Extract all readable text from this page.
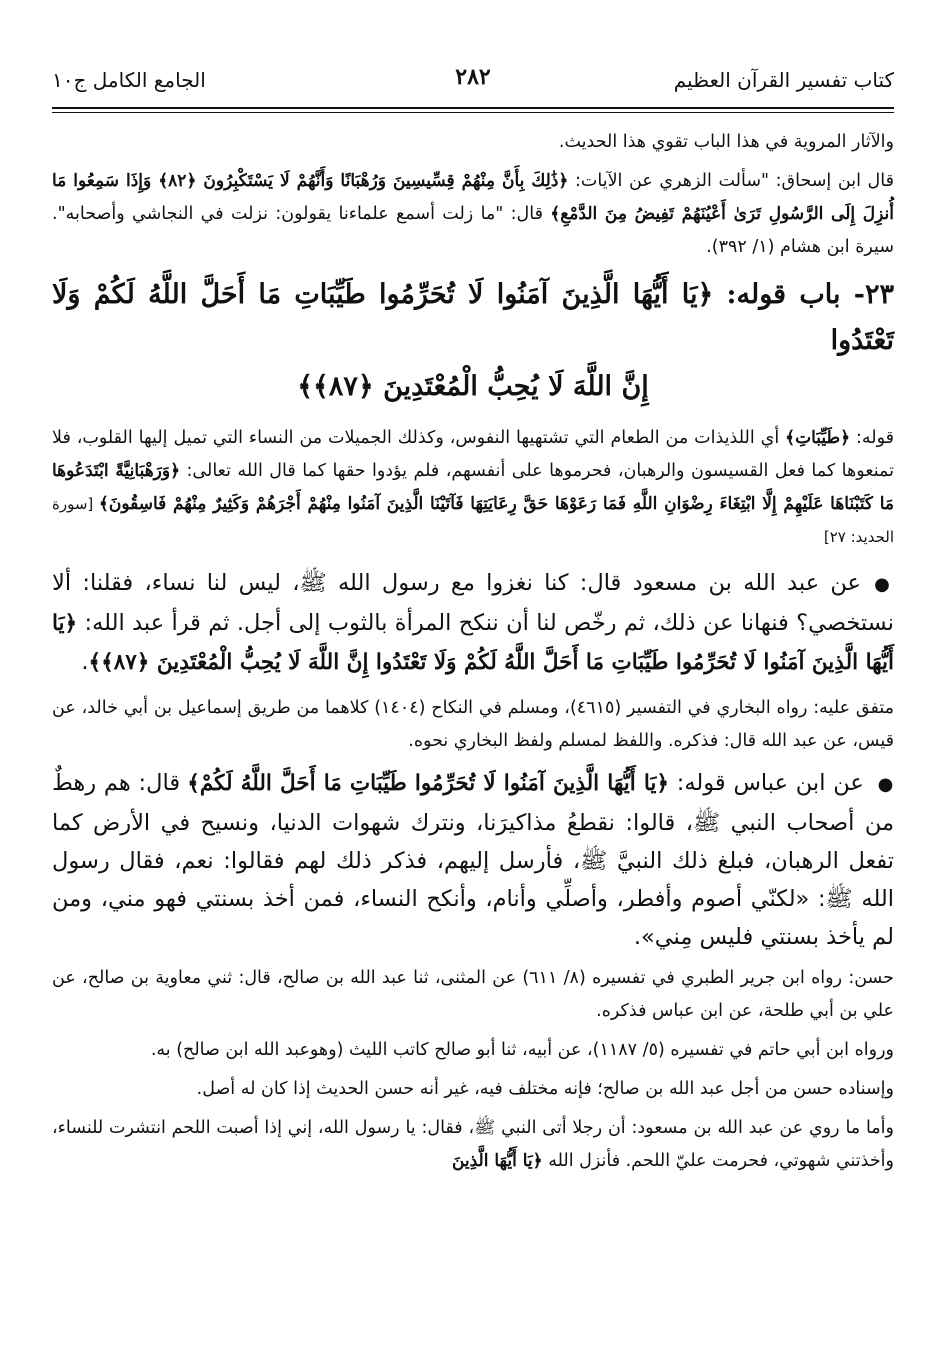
كتاب تفسير القرآن العظيم
٢٨٢
الجامع الكامل ج١٠

والآثار المروية في هذا الباب تقوي هذا الحديث.

قال ابن إسحاق: "سألت الزهري عن الآيات: ﴿ذَٰلِكَ بِأَنَّ مِنْهُمْ قِسِّيسِينَ وَرُهْبَانًا وَأَنَّهُمْ لَا يَسْتَكْبِرُونَ ﴿٨٢﴾ وَإِذَا سَمِعُوا مَا أُنزِلَ إِلَى الرَّسُولِ تَرَىٰ أَعْيُنَهُمْ تَفِيضُ مِنَ الدَّمْعِ﴾ قال: "ما زلت أسمع علماءنا يقولون: نزلت في النجاشي وأصحابه". سيرة ابن هشام (١/ ٣٩٢).

٢٣- باب قوله: ﴿يَا أَيُّهَا الَّذِينَ آمَنُوا لَا تُحَرِّمُوا طَيِّبَاتِ مَا أَحَلَّ اللَّهُ لَكُمْ وَلَا تَعْتَدُوا
إِنَّ اللَّهَ لَا يُحِبُّ الْمُعْتَدِينَ ﴿٨٧﴾﴾

قوله: ﴿طَيِّبَاتِ﴾ أي اللذيذات من الطعام التي تشتهيها النفوس، وكذلك الجميلات من النساء التي تميل إليها القلوب، فلا تمنعوها كما فعل القسيسون والرهبان، فحرموها على أنفسهم، فلم يؤدوا حقها كما قال الله تعالى: ﴿وَرَهْبَانِيَّةً ابْتَدَعُوهَا مَا كَتَبْنَاهَا عَلَيْهِمْ إِلَّا ابْتِغَاءَ رِضْوَانِ اللَّهِ فَمَا رَعَوْهَا حَقَّ رِعَايَتِهَا فَآتَيْنَا الَّذِينَ آمَنُوا مِنْهُمْ أَجْرَهُمْ وَكَثِيرٌ مِنْهُمْ فَاسِقُونَ﴾ [سورة الحديد: ٢٧]

● عن عبد الله بن مسعود قال: كنا نغزوا مع رسول الله ﷺ، ليس لنا نساء، فقلنا: ألا نستخصي؟ فنهانا عن ذلك، ثم رخّص لنا أن ننكح المرأة بالثوب إلى أجل. ثم قرأ عبد الله: ﴿يَا أَيُّهَا الَّذِينَ آمَنُوا لَا تُحَرِّمُوا طَيِّبَاتِ مَا أَحَلَّ اللَّهُ لَكُمْ وَلَا تَعْتَدُوا إِنَّ اللَّهَ لَا يُحِبُّ الْمُعْتَدِينَ ﴿٨٧﴾﴾.

متفق عليه: رواه البخاري في التفسير (٤٦١٥)، ومسلم في النكاح (١٤٠٤) كلاهما من طريق إسماعيل بن أبي خالد، عن قيس، عن عبد الله قال: فذكره. واللفظ لمسلم ولفظ البخاري نحوه.

● عن ابن عباس قوله: ﴿يَا أَيُّهَا الَّذِينَ آمَنُوا لَا تُحَرِّمُوا طَيِّبَاتِ مَا أَحَلَّ اللَّهُ لَكُمْ﴾ قال: هم رهطٌ من أصحاب النبي ﷺ، قالوا: نقطعُ مذاكيرَنا، ونترك شهوات الدنيا، ونسيح في الأرض كما تفعل الرهبان، فبلغ ذلك النبيَّ ﷺ، فأرسل إليهم، فذكر ذلك لهم فقالوا: نعم، فقال رسول الله ﷺ: «لكنّي أصوم وأفطر، وأصلِّي وأنام، وأنكح النساء، فمن أخذ بسنتي فهو مني، ومن لم يأخذ بسنتي فليس مِني».

حسن: رواه ابن جرير الطبري في تفسيره (٨/ ٦١١) عن المثنى، ثنا عبد الله بن صالح، قال: ثني معاوية بن صالح، عن علي بن أبي طلحة، عن ابن عباس فذكره.

ورواه ابن أبي حاتم في تفسيره (٥/ ١١٨٧)، عن أبيه، ثنا أبو صالح كاتب الليث (وهوعبد الله ابن صالح) به.

وإسناده حسن من أجل عبد الله بن صالح؛ فإنه مختلف فيه، غير أنه حسن الحديث إذا كان له أصل.

وأما ما روي عن عبد الله بن مسعود: أن رجلا أتى النبي ﷺ، فقال: يا رسول الله، إني إذا أصبت اللحم انتشرت للنساء، وأخذتني شهوتي، فحرمت عليّ اللحم. فأنزل الله ﴿يَا أَيُّهَا الَّذِينَ
